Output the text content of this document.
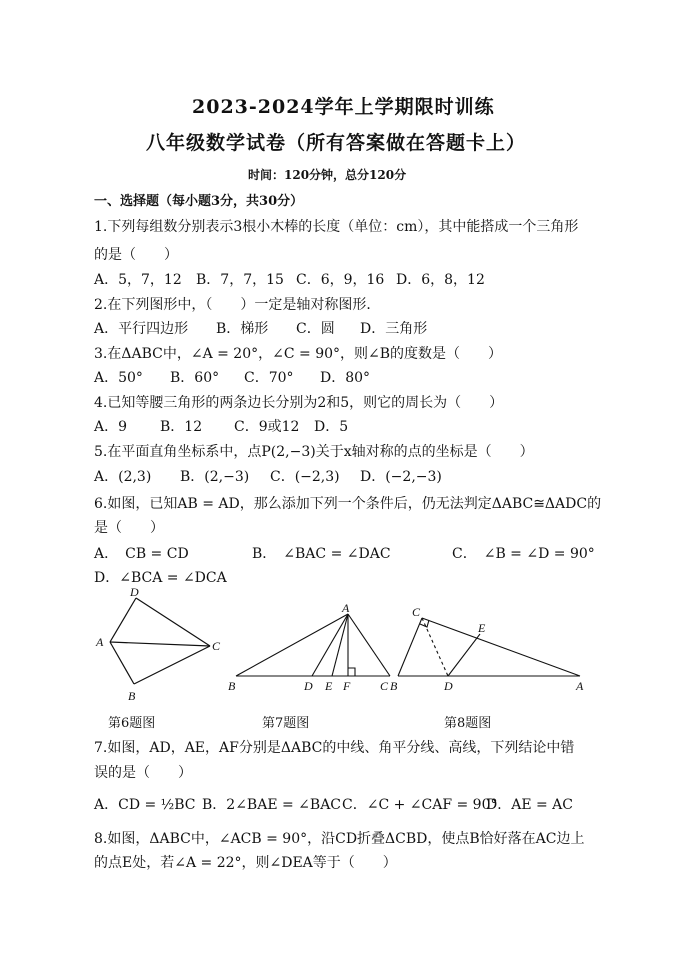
2023-2024学年上学期限时训练
八年级数学试卷（所有答案做在答题卡上）
时间：120分钟，总分120分
一、选择题（每小题3分，共30分）
1.下列每组数分别表示3根小木棒的长度（单位：cm），其中能搭成一个三角形
的是（　　）
A．5，7，12 B．7，7，15 C．6，9，16 D．6，8，12
2.在下列图形中，（　　）一定是轴对称图形．
A．平行四边形 B．梯形 C．圆 D．三角形
3.在ΔABC中，∠A = 20°，∠C = 90°，则∠B的度数是（　　）
A．50° B．60° C．70° D．80°
4.已知等腰三角形的两条边长分别为2和5，则它的周长为（　　）
A．9 B．12 C．9或12 D．5
5.在平面直角坐标系中，点P(2,−3)关于x轴对称的点的坐标是（　　）
A．(2,3) B．(2,−3) C．(−2,3) D．(−2,−3)
6.如图，已知AB = AD，那么添加下列一个条件后，仍无法判定ΔABC≅ΔADC的
是（　　）
A．　CB = CD	B．　∠BAC = ∠DAC	C．　∠B = ∠D = 90°
D．∠BCA = ∠DCA
D
A	C
B
A
B	D E F C
C
E
B	D	A
第6题图	第7题图	第8题图
7.如图，AD，AE，AF分别是ΔABC的中线、角平分线、高线，下列结论中错
误的是（　　）
A．CD = ½BC B．2∠BAE = ∠BAC C．∠C + ∠CAF = 90°
D．AE = AC
8.如图，ΔABC中，∠ACB = 90°，沿CD折叠ΔCBD，使点B恰好落在AC边上
的点E处，若∠A = 22°，则∠DEA等于（　　）
